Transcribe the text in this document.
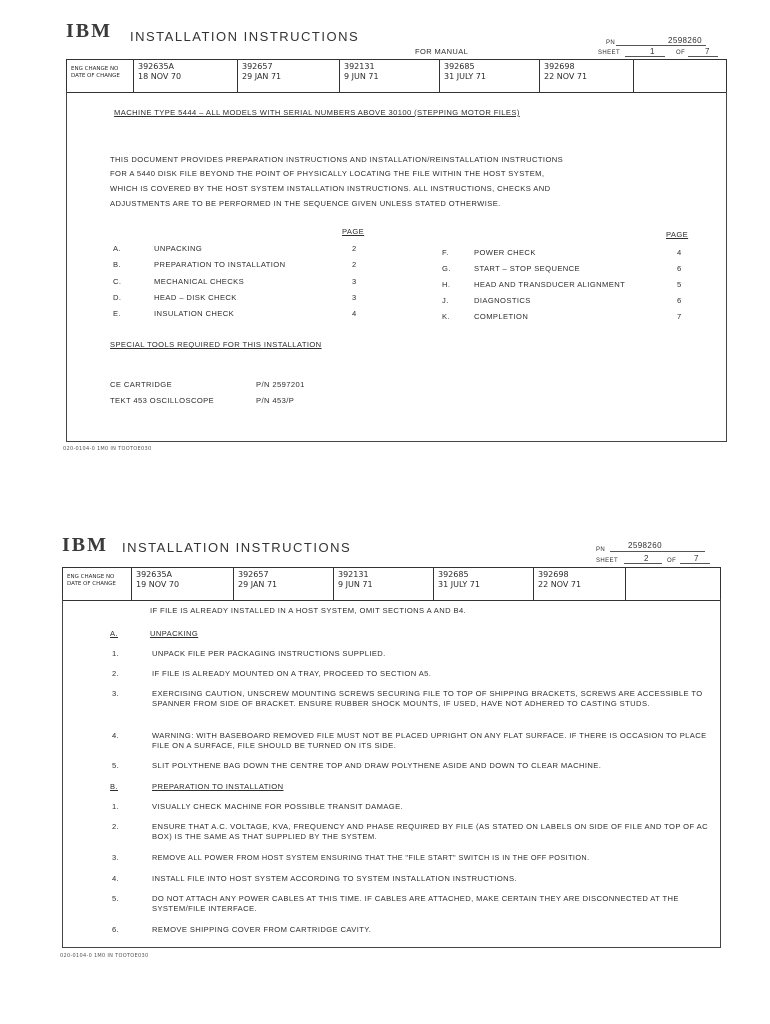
IBM INSTALLATION INSTRUCTIONS
FOR MANUAL
PN	2598260
SHEET	1	OF 7
ENG CHANGE NO
DATE OF CHANGE
392635A
18 NOV 70
392657
29 JAN 71
392131
9 JUN 71
392685
31 JULY 71
392698
22 NOV 71
MACHINE TYPE 5444 – ALL MODELS WITH SERIAL NUMBERS ABOVE 30100 (STEPPING MOTOR FILES)
THIS DOCUMENT PROVIDES PREPARATION INSTRUCTIONS AND INSTALLATION/REINSTALLATION INSTRUCTIONS
FOR A 5440 DISK FILE BEYOND THE POINT OF PHYSICALLY LOCATING THE FILE WITHIN THE HOST SYSTEM,
WHICH IS COVERED BY THE HOST SYSTEM INSTALLATION INSTRUCTIONS. ALL INSTRUCTIONS, CHECKS AND
ADJUSTMENTS ARE TO BE PERFORMED IN THE SEQUENCE GIVEN UNLESS STATED OTHERWISE.
PAGE	PAGE
A.	UNPACKING	2
B.	PREPARATION TO INSTALLATION	2
C.	MECHANICAL CHECKS	3
D.	HEAD – DISK CHECK	3
E.	INSULATION CHECK	4
F.	POWER CHECK	4
G.	START – STOP SEQUENCE	6
H.	HEAD AND TRANSDUCER ALIGNMENT	5
J.	DIAGNOSTICS	6
K.	COMPLETION	7
SPECIAL TOOLS REQUIRED FOR THIS INSTALLATION
CE CARTRIDGE	P/N 2597201
TEKT 453 OSCILLOSCOPE	P/N 453/P
020-0104-0 1M0 IN TOOTOE030
IBM INSTALLATION INSTRUCTIONS	PN	2598260
SHEET	2	OF 7
ENG CHANGE NO
DATE OF CHANGE
392635A
19 NOV 70
392657
29 JAN 71
392131
9 JUN 71
392685
31 JULY 71
392698
22 NOV 71
IF FILE IS ALREADY INSTALLED IN A HOST SYSTEM, OMIT SECTIONS A AND B4.
A.	UNPACKING
1.	UNPACK FILE PER PACKAGING INSTRUCTIONS SUPPLIED.
2.	IF FILE IS ALREADY MOUNTED ON A TRAY, PROCEED TO SECTION A5.
3.	EXERCISING CAUTION, UNSCREW MOUNTING SCREWS SECURING FILE TO TOP OF SHIPPING BRACKETS, SCREWS ARE ACCESSIBLE TO SPANNER FROM SIDE OF BRACKET. ENSURE RUBBER SHOCK MOUNTS, IF USED, HAVE NOT ADHERED TO CASTING STUDS.
4.	WARNING: WITH BASEBOARD REMOVED FILE MUST NOT BE PLACED UPRIGHT ON ANY FLAT SURFACE. IF THERE IS OCCASION TO PLACE FILE ON A SURFACE, FILE SHOULD BE TURNED ON ITS SIDE.
5.	SLIT POLYTHENE BAG DOWN THE CENTRE TOP AND DRAW POLYTHENE ASIDE AND DOWN TO CLEAR MACHINE.
B.	PREPARATION TO INSTALLATION
1.	VISUALLY CHECK MACHINE FOR POSSIBLE TRANSIT DAMAGE.
2.	ENSURE THAT A.C. VOLTAGE, KVA, FREQUENCY AND PHASE REQUIRED BY FILE (AS STATED ON LABELS ON SIDE OF FILE AND TOP OF AC BOX) IS THE SAME AS THAT SUPPLIED BY THE SYSTEM.
3.	REMOVE ALL POWER FROM HOST SYSTEM ENSURING THAT THE "FILE START" SWITCH IS IN THE OFF POSITION.
4.	INSTALL FILE INTO HOST SYSTEM ACCORDING TO SYSTEM INSTALLATION INSTRUCTIONS.
5.	DO NOT ATTACH ANY POWER CABLES AT THIS TIME. IF CABLES ARE ATTACHED, MAKE CERTAIN THEY ARE DISCONNECTED AT THE SYSTEM/FILE INTERFACE.
6.	REMOVE SHIPPING COVER FROM CARTRIDGE CAVITY.
020-0104-0 1M0 IN TOOTOE030
